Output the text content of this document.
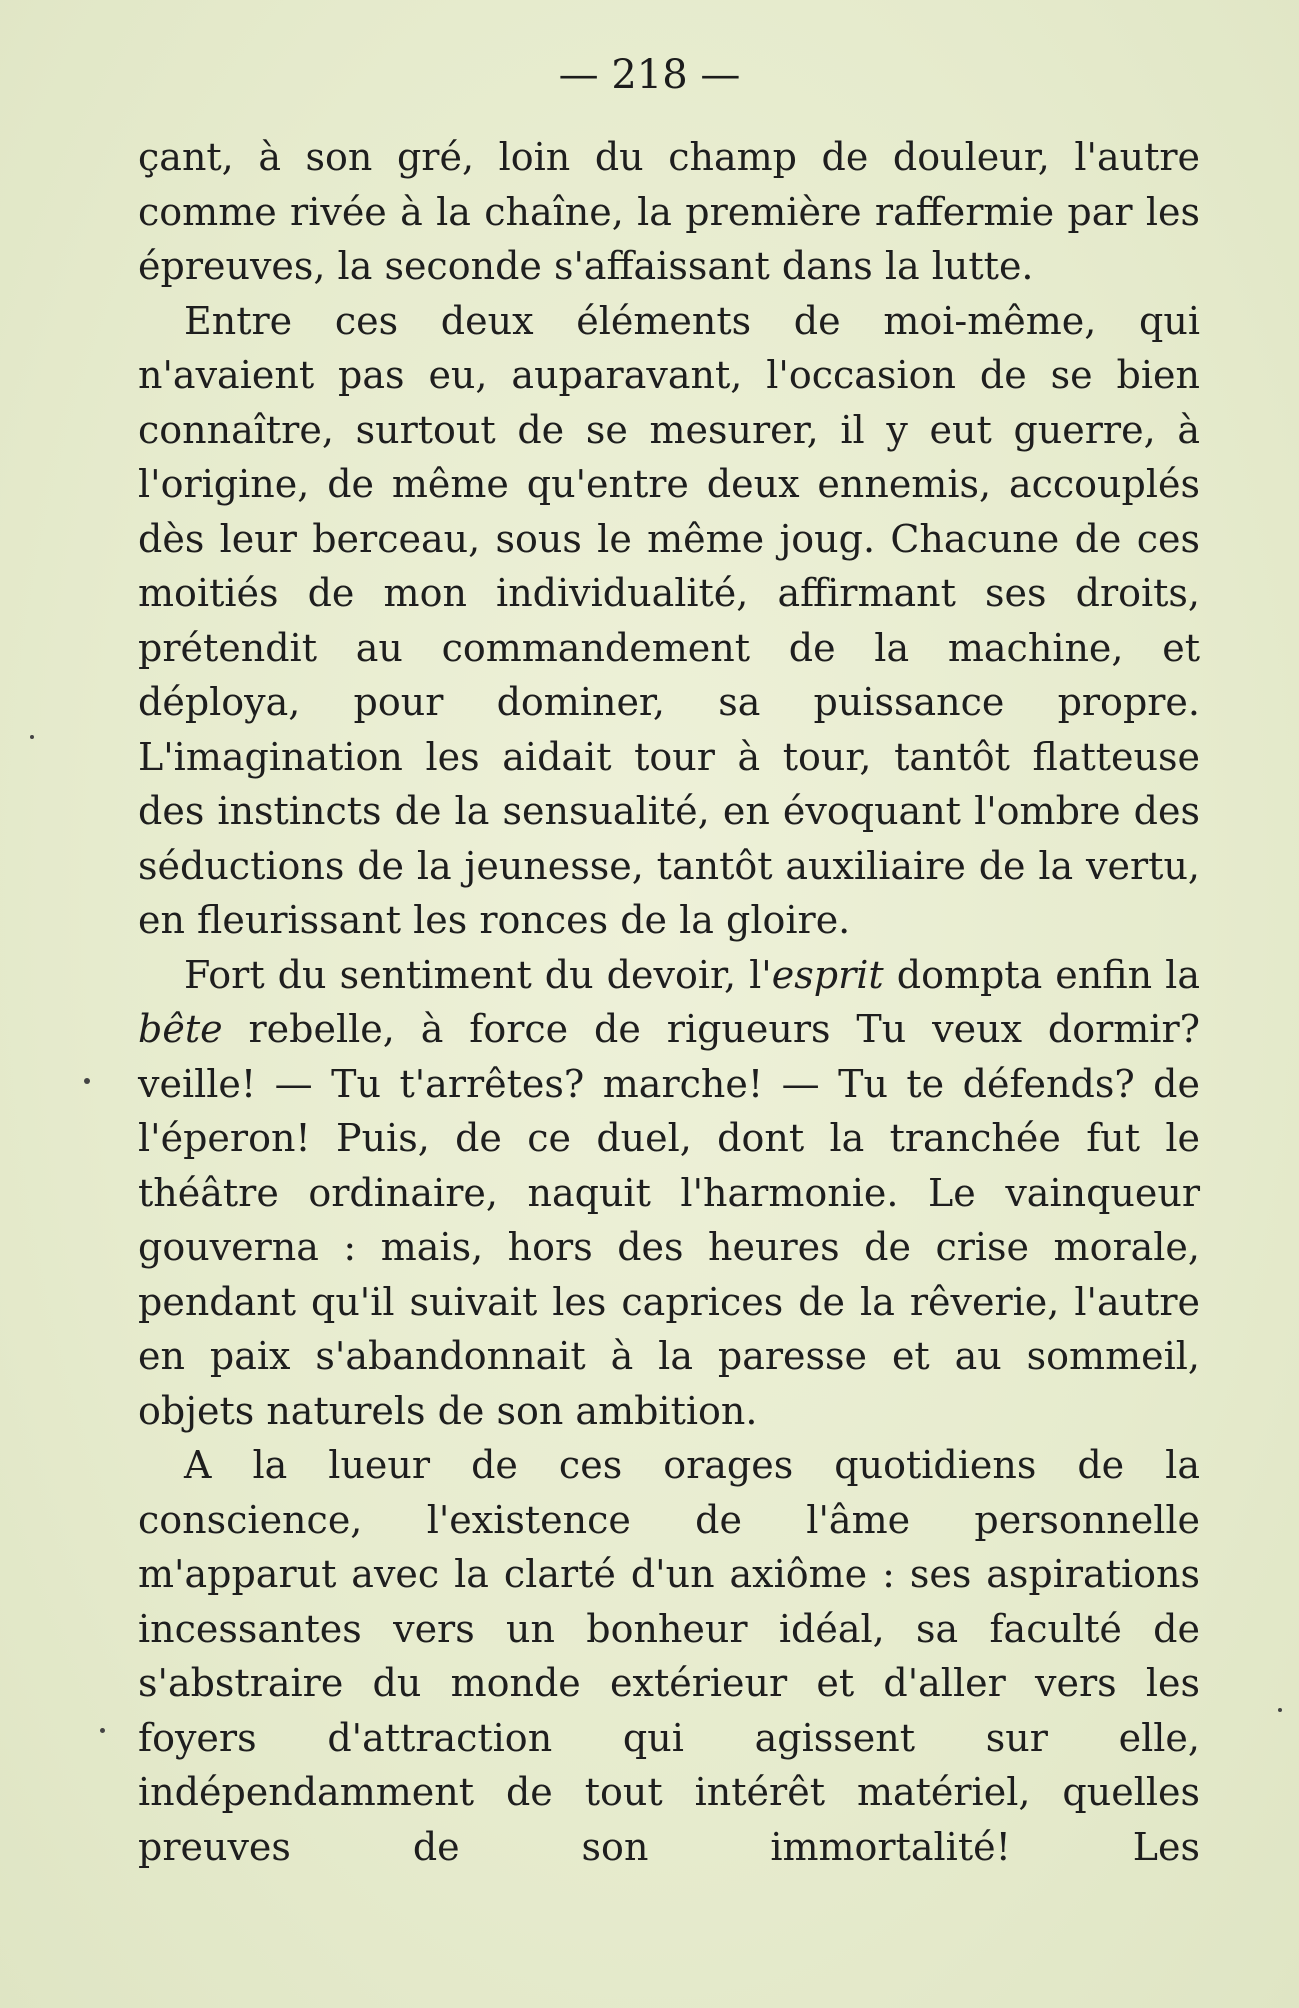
— 218 —

çant, à son gré, loin du champ de douleur, l'autre comme rivée à la chaîne, la première raffermie par les épreuves, la seconde s'affaissant dans la lutte.

Entre ces deux éléments de moi-même, qui n'avaient pas eu, auparavant, l'occasion de se bien connaître, surtout de se mesurer, il y eut guerre, à l'origine, de même qu'entre deux ennemis, accouplés dès leur berceau, sous le même joug. Chacune de ces moitiés de mon individualité, affirmant ses droits, prétendit au commandement de la machine, et déploya, pour dominer, sa puissance propre. L'imagination les aidait tour à tour, tantôt flatteuse des instincts de la sensualité, en évoquant l'ombre des séductions de la jeunesse, tantôt auxiliaire de la vertu, en fleurissant les ronces de la gloire.

Fort du sentiment du devoir, l'esprit dompta enfin la bête rebelle, à force de rigueurs Tu veux dormir? veille! — Tu t'arrêtes? marche! — Tu te défends? de l'éperon! Puis, de ce duel, dont la tranchée fut le théâtre ordinaire, naquit l'harmonie. Le vainqueur gouverna : mais, hors des heures de crise morale, pendant qu'il suivait les caprices de la rêverie, l'autre en paix s'abandonnait à la paresse et au sommeil, objets naturels de son ambition.

A la lueur de ces orages quotidiens de la conscience, l'existence de l'âme personnelle m'apparut avec la clarté d'un axiôme : ses aspirations incessantes vers un bonheur idéal, sa faculté de s'abstraire du monde extérieur et d'aller vers les foyers d'attraction qui agissent sur elle, indépendamment de tout intérêt matériel, quelles preuves de son immortalité! Les
